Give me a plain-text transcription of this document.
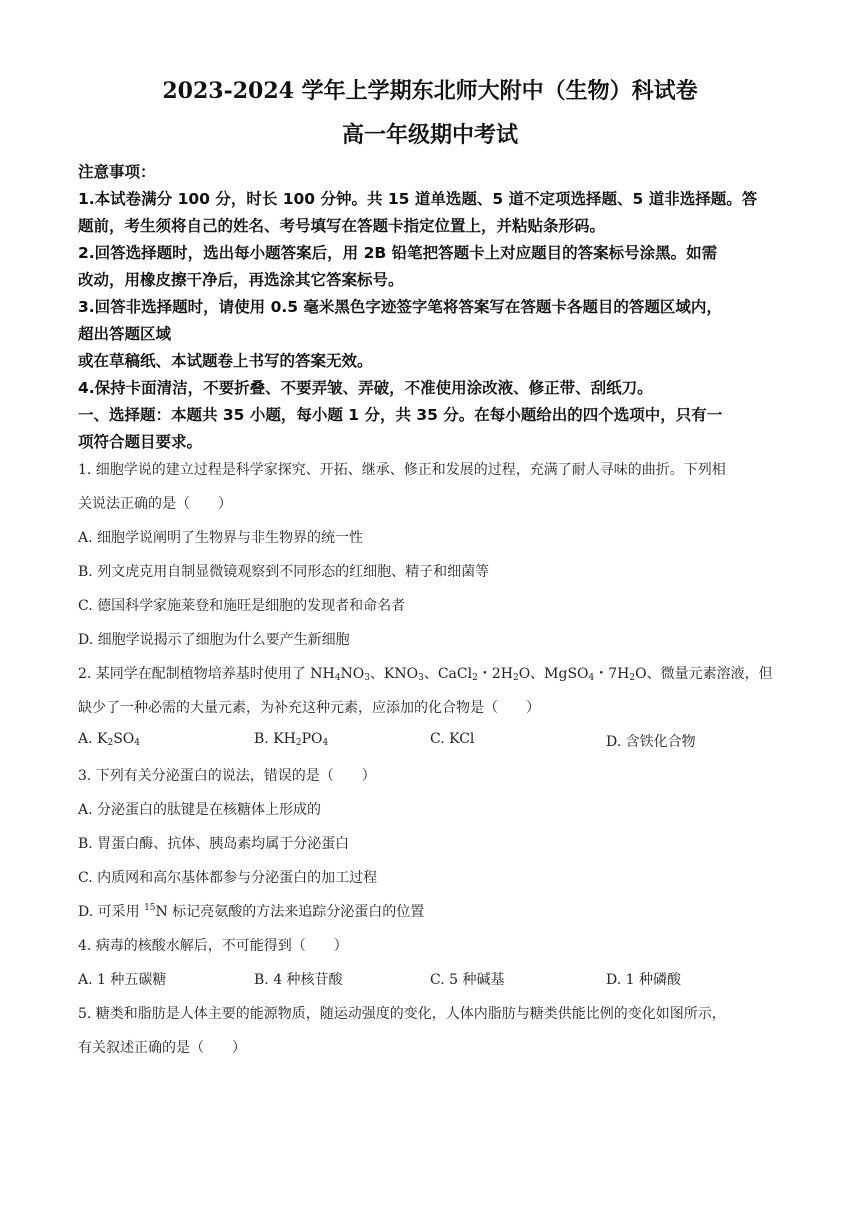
2023-2024 学年上学期东北师大附中（生物）科试卷
高一年级期中考试
注意事项：
1.本试卷满分 100 分，时长 100 分钟。共 15 道单选题、5 道不定项选择题、5 道非选择题。答
题前，考生须将自己的姓名、考号填写在答题卡指定位置上，并粘贴条形码。
2.回答选择题时，选出每小题答案后，用 2B 铅笔把答题卡上对应题目的答案标号涂黑。如需
改动，用橡皮擦干净后，再选涂其它答案标号。
3.回答非选择题时，请使用 0.5 毫米黑色字迹签字笔将答案写在答题卡各题目的答题区域内，
超出答题区域
或在草稿纸、本试题卷上书写的答案无效。
4.保持卡面清洁，不要折叠、不要弄皱、弄破，不准使用涂改液、修正带、刮纸刀。
一、选择题：本题共 35 小题，每小题 1 分，共 35 分。在每小题给出的四个选项中，只有一
项符合题目要求。
1. 细胞学说的建立过程是科学家探究、开拓、继承、修正和发展的过程，充满了耐人寻味的曲折。下列相
关说法正确的是（　　）
A. 细胞学说阐明了生物界与非生物界的统一性
B. 列文虎克用自制显微镜观察到不同形态的红细胞、精子和细菌等
C. 德国科学家施莱登和施旺是细胞的发现者和命名者
D. 细胞学说揭示了细胞为什么要产生新细胞
2. 某同学在配制植物培养基时使用了 $NH_4NO_3$、$KNO_3$、CaCl$_2$・$2H_2O$、MgSO$_4$・$7H_2O$、微量元素溶液，但
缺少了一种必需的大量元素，为补充这种元素，应添加的化合物是（　　）
A. $K_2SO_4$	B. $KH_2PO_4$	C. KCl	D. 含铁化合物
3. 下列有关分泌蛋白的说法，错误的是（　　）
A. 分泌蛋白的肽键是在核糖体上形成的
B. 胃蛋白酶、抗体、胰岛素均属于分泌蛋白
C. 内质网和高尔基体都参与分泌蛋白的加工过程
D. 可采用 $^{15}$N 标记亮氨酸的方法来追踪分泌蛋白的位置
4. 病毒的核酸水解后，不可能得到（　　）
A. 1 种五碳糖	B. 4 种核苷酸	C. 5 种碱基	D. 1 种磷酸
5. 糖类和脂肪是人体主要的能源物质，随运动强度的变化，人体内脂肪与糖类供能比例的变化如图所示，
有关叙述正确的是（　　）
